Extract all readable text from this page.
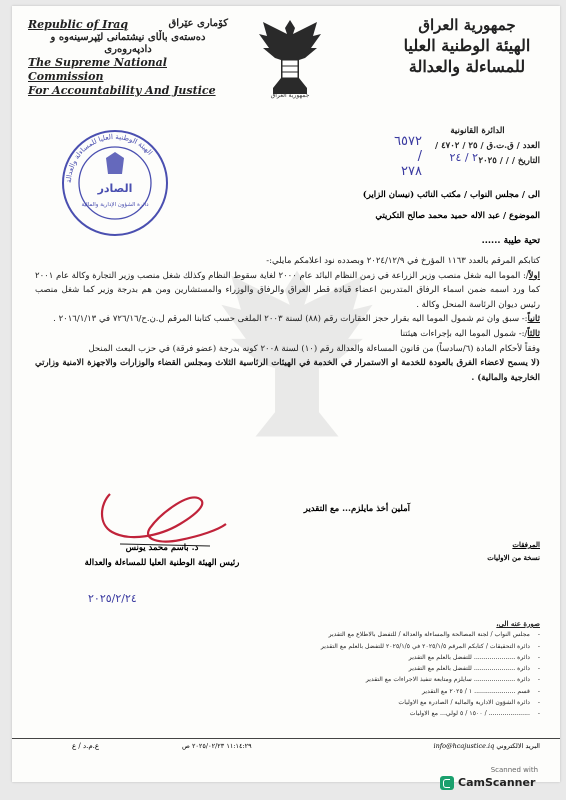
جمهورية العراق
الهيئة الوطنية العليا
للمساءلة والعدالة
Republic of Iraq	كۆماری عێراق
دەستەی باڵای نیشتمانی لێپرسینەوە و دادپەروەری
The Supreme National Commission
For Accountability And Justice	جمهورية العراق
الهيئة الوطنية العليا للمساءلة والعدالة
الصادر
دائرة الشؤون الإدارية والمالية
الدائرة القانونية
العدد / ق.ت.ق / ٢٥ / ٤٧٠٢ /
التاريخ / / / ٢٠٢٥
٦٥٧٢ / ٢٧٨
٢ / ٢٤
الى / مجلس النواب / مكتب النائب (نيسان الزاير)
الموضوع / عبد الاله حميد محمد صالح التكريتي
تحية طيبة ......

كتابكم المرقم بالعدد ١١٦٣ المؤرخ في ٢٠٢٤/١٢/٩ وبصدده نود اعلامكم مايلي:-

اولاً/: الموما اليه شغل منصب وزير الزراعة في زمن النظام البائد عام ٢٠٠٠ لغاية سقوط النظام وكذلك شغل منصب وزير التجارة وكالة عام ٢٠٠١ كما ورد اسمه ضمن اسماء الرفاق المتدربين اعضاء قيادة قطر العراق والرفاق والوزراء والمستشارين ومن هم بدرجة وزير كما شغل منصب رئيس ديوان الرئاسة المنحل وكالة .

ثانياً:- سبق وان تم شمول الموما اليه بقرار حجز العقارات رقم (٨٨) لسنة ٢٠٠٣ الملغى حسب كتابنا المرقم ل.ن.ح/٧٢٦/١٦ في ٢٠١٦/١/١٣ .

ثالثاً/:- شمول الموما اليه بإجراءات هيئتنا

وفقاً لأحكام المادة (٦/سادساً) من قانون المساءلة والعدالة رقم (١٠) لسنة ٢٠٠٨ كونه بدرجة (عضو فرقة) في حزب البعث المنحل

(لا يسمح لاعضاء الفرق بالعودة للخدمة او الاستمرار في الخدمة في الهيئات الرئاسية الثلاث ومجلس القضاء والوزارات والاجهزة الامنية وزارتي الخارجية والمالية) .

آملين أخذ مايلزم... مع التقدير
د. باسم محمد يونس
رئيس الهيئة الوطنية العليا للمساءلة والعدالة
٢٠٢٥/٢/٢٤
المرفقات
نسخة من الاوليات
صورة عنه الى،
-مجلس النواب / لجنة المصالحة والمساءلة والعدالة / للتفضل بالاطلاع مع التقدير
-دائرة التحقيقات / كتابكم المرقم ٢٠٢٥/١/٥ في ٢٠٢٥/١/٥ للتفضل بالعلم مع التقدير
-دائرة ..................... للتفضل بالعلم مع التقدير
-دائرة ..................... للتفضل بالعلم مع التقدير
-دائرة ..................... سايلزم ومتابعة تنفيذ الاجراءات مع التقدير
-قسم ..................... ١ / ٢٠٢٥ مع التقدير
-دائرة الشؤون الادارية والمالية / الصادرة مع الاوليات
-..................... / ١٥٠٠ / ٥ لولي... مع الاوليات
البريد الالكتروني info@hcajustice.iq
١١:١٤:٢٩ ٢٠٢٥/٠٢/٢٣ ص
ع.م.د / ع
Scanned with
CamScanner
